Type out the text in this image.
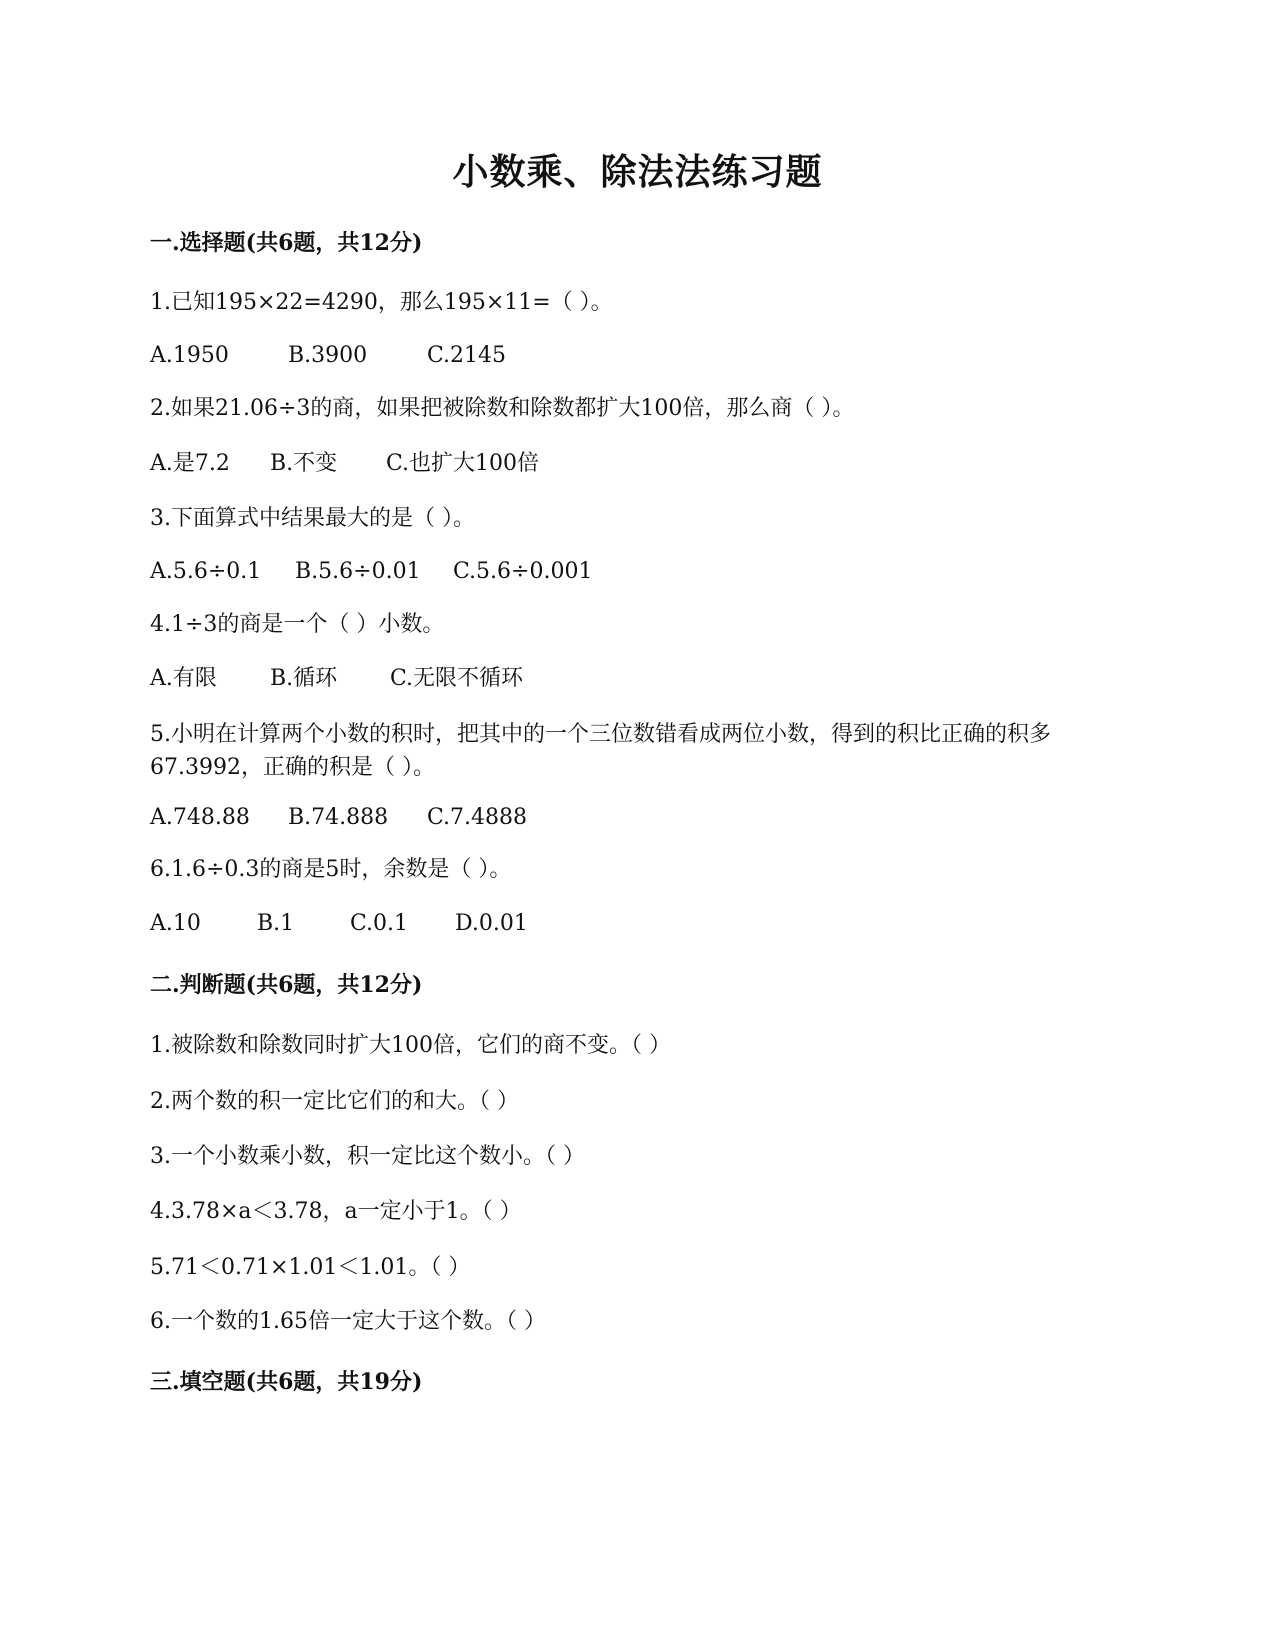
小数乘、除法法练习题
一.选择题(共6题，共12分)
1.已知195×22=4290，那么195×11=（ ）。
A.1950	B.3900	C.2145
2.如果21.06÷3的商，如果把被除数和除数都扩大100倍，那么商（ ）。
A.是7.2 B.不变 C.也扩大100倍
3.下面算式中结果最大的是（ ）。
A.5.6÷0.1 B.5.6÷0.01 C.5.6÷0.001
4.1÷3的商是一个（ ）小数。
A.有限 B.循环 C.无限不循环
5.小明在计算两个小数的积时，把其中的一个三位数错看成两位小数，得到的积比正确的积多67.3992，正确的积是（ ）。
A.748.88 B.74.888 C.7.4888
6.1.6÷0.3的商是5时，余数是（ ）。
A.10	B.1	C.0.1 D.0.01
二.判断题(共6题，共12分)
1.被除数和除数同时扩大100倍，它们的商不变。（ ）
2.两个数的积一定比它们的和大。（ ）
3.一个小数乘小数，积一定比这个数小。（ ）
4.3.78×a＜3.78，a一定小于1。（ ）
5.71＜0.71×1.01＜1.01。（ ）
6.一个数的1.65倍一定大于这个数。（ ）
三.填空题(共6题，共19分)
